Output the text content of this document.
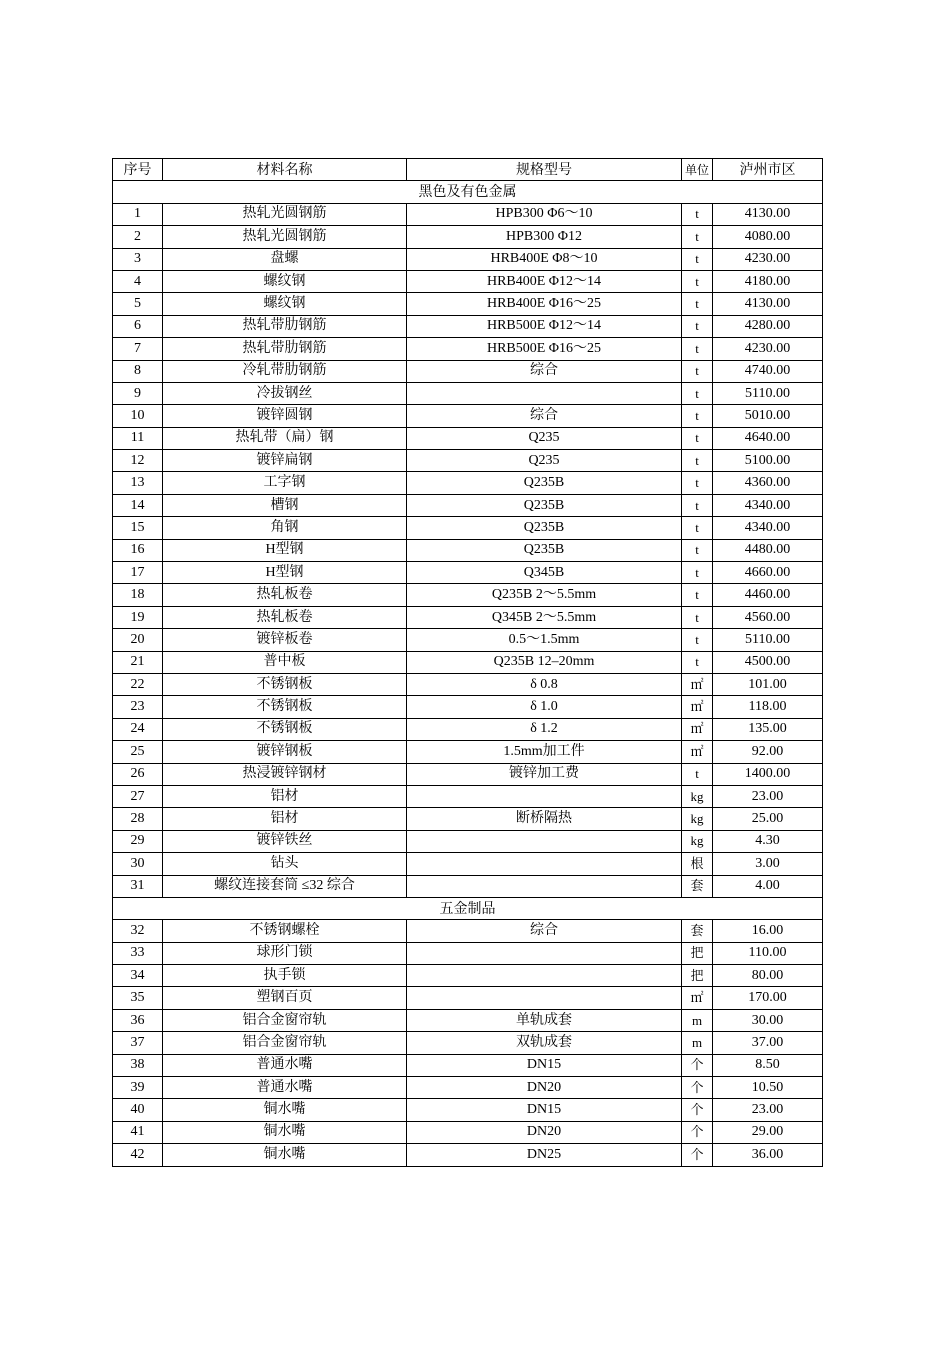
序号	材料名称	规格型号	单位	泸州市区
黑色及有色金属				
1	热轧光圆钢筋	HPB300 Φ6～10	t	4130.00
2	热轧光圆钢筋	HPB300 Φ12	t	4080.00
3	盘螺	HRB400E Φ8～10	t	4230.00
4	螺纹钢	HRB400E Φ12～14	t	4180.00
5	螺纹钢	HRB400E Φ16～25	t	4130.00
6	热轧带肋钢筋	HRB500E Φ12～14	t	4280.00
7	热轧带肋钢筋	HRB500E Φ16～25	t	4230.00
8	冷轧带肋钢筋	综合	t	4740.00
9	冷拔钢丝		t	5110.00
10	镀锌圆钢	综合	t	5010.00
11	热轧带（扁）钢	Q235	t	4640.00
12	镀锌扁钢	Q235	t	5100.00
13	工字钢	Q235B	t	4360.00
14	槽钢	Q235B	t	4340.00
15	角钢	Q235B	t	4340.00
16	H型钢	Q235B	t	4480.00
17	H型钢	Q345B	t	4660.00
18	热轧板卷	Q235B 2～5.5mm	t	4460.00
19	热轧板卷	Q345B 2～5.5mm	t	4560.00
20	镀锌板卷	0.5～1.5mm	t	5110.00
21	普中板	Q235B 12–20mm	t	4500.00
22	不锈钢板	δ 0.8	㎡	101.00
23	不锈钢板	δ 1.0	㎡	118.00
24	不锈钢板	δ 1.2	㎡	135.00
25	镀锌钢板	1.5mm加工件	㎡	92.00
26	热浸镀锌钢材	镀锌加工费	t	1400.00
27	铝材		kg	23.00
28	铝材	断桥隔热	kg	25.00
29	镀锌铁丝		kg	4.30
30	钻头		根	3.00
31	螺纹连接套筒 ≤32 综合		套	4.00
五金制品				
32	不锈钢螺栓	综合	套	16.00
33	球形门锁		把	110.00
34	执手锁		把	80.00
35	塑钢百页		㎡	170.00
36	铝合金窗帘轨	单轨成套	m	30.00
37	铝合金窗帘轨	双轨成套	m	37.00
38	普通水嘴	DN15	个	8.50
39	普通水嘴	DN20	个	10.50
40	铜水嘴	DN15	个	23.00
41	铜水嘴	DN20	个	29.00
42	铜水嘴	DN25	个	36.00
